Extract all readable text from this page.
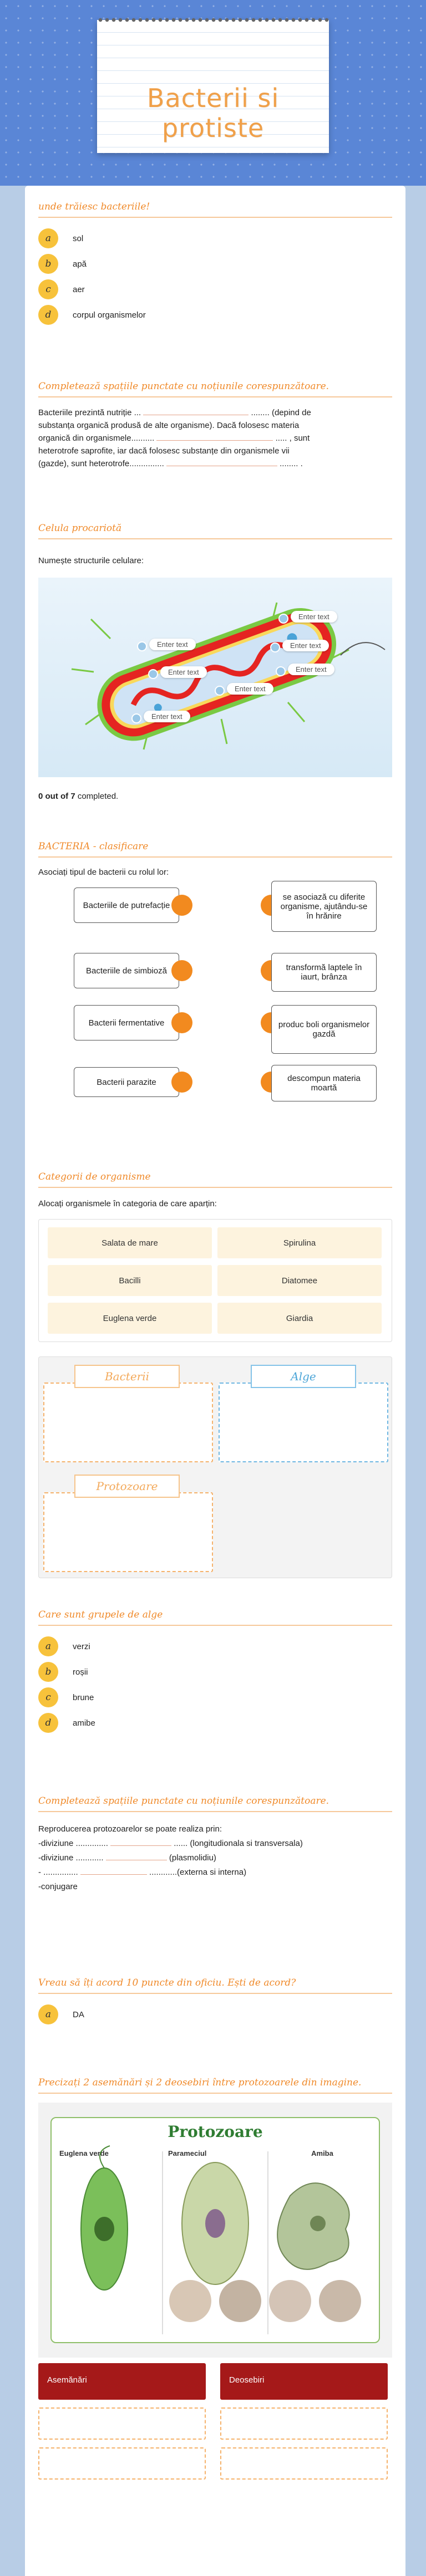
Bacterii si protiste
unde trăiesc bacteriile!
a	sol
b	apă
c	aer
d	corpul organismelor
Completează spațiile punctate cu noțiunile corespunzătoare.
Bacteriile prezintă nutriție ...	........ (depind de
substanța organică produsă de alte organisme). Dacă folosesc materia
organică din organismele..........	..... , sunt
heterotrofe saprofite, iar dacă folosesc substanțe din organismele vii
(gazde), sunt heterotrofe...............	........ .
Celula procariotă
Numește structurile celulare:
Enter text
Enter text
Enter text
Enter text	Enter text
Enter text
Enter text
0 out of 7 completed.
BACTERIA - clasificare
Asociați tipul de bacterii cu rolul lor:
Bacteriile de putrefacție
Bacteriile de simbioză
Bacterii fermentative
Bacterii parazite
se asociază cu diferite organisme, ajutându-se în hrănire
transformă laptele în iaurt, brânza
produc boli organismelor gazdă
descompun materia moartă
Categorii de organisme
Alocați organismele în categoria de care aparțin:
Salata de mare	Spirulina
Bacilli	Diatomee
Euglena verde	Giardia
Bacterii	Alge
Protozoare
Care sunt grupele de alge
a	verzi
b	roșii
c	brune
d	amibe
Completează spațiile punctate cu noțiunile corespunzătoare.
Reproducerea protozoarelor se poate realiza prin:
-diviziune ..............	...... (longitudionala si transversala)
-diviziune ............	(plasmolidiu)
- ...............	............(externa si interna)
-conjugare
Vreau să îți acord 10 puncte din oficiu. Ești de acord?
a	DA
Precizați 2 asemănări și 2 deosebiri între protozoarele din imagine.
Protozoare
Euglena verde	Parameciul	Amiba
Asemănări	Deosebiri
